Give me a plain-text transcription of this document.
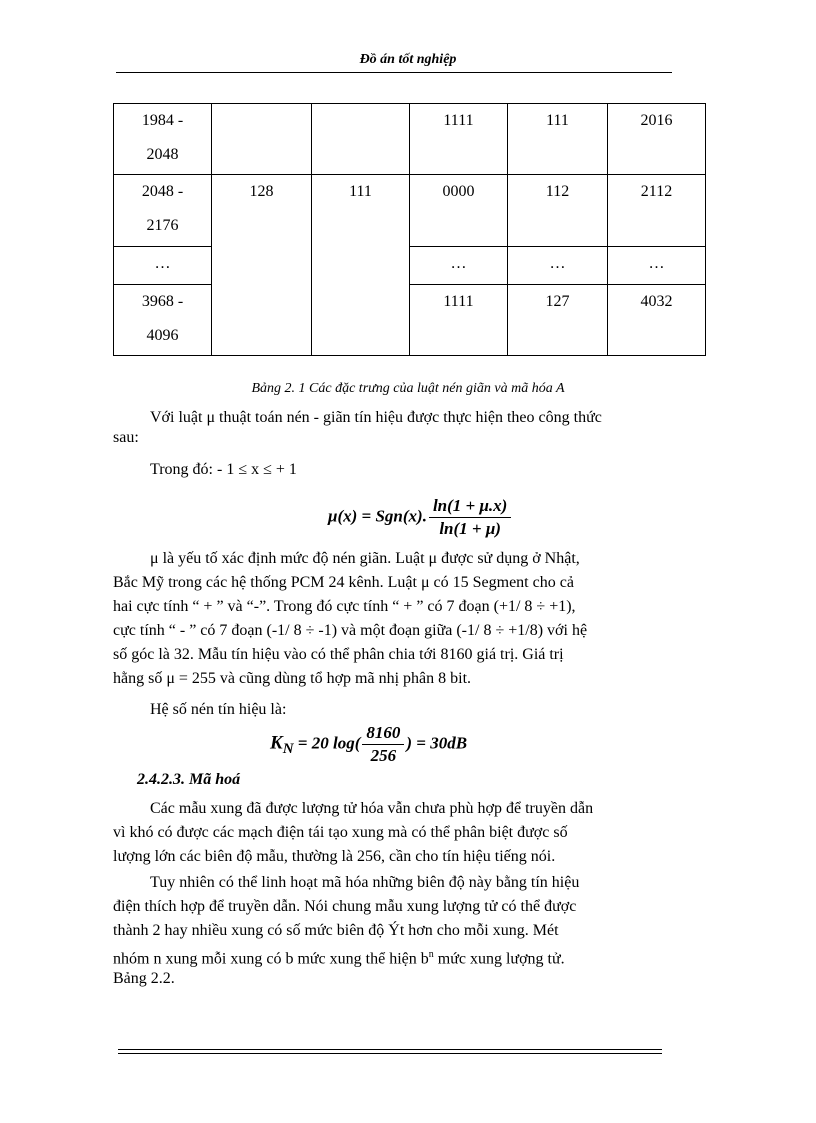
Đồ án tốt nghiệp
1984 -
2048			1111	111	2016

2048 -
2176	128	111	0000	112	2112
…			…	…	…

3968 -
4096			1111	127	4032
Bảng 2. 1 Các đặc trưng của luật nén giãn và mã hóa A
Với luật μ thuật toán nén - giãn tín hiệu được thực hiện theo công thức
sau:
Trong đó: - 1 ≤ x ≤ + 1
μ(x) = Sgn(x). $\frac{\ln(1 + \mu.x)}{\ln(1 + \mu)}$
μ là yếu tố xác định mức độ nén giãn. Luật μ được sử dụng ở Nhật,
Bắc Mỹ trong các hệ thống PCM 24 kênh. Luật μ có 15 Segment cho cả
hai cực tính “ + ” và “-”. Trong đó cực tính “ + ” có 7 đoạn (+1/ 8 ÷ +1),
cực tính “ - ” có 7 đoạn (-1/ 8 ÷ -1) và một đoạn giữa (-1/ 8 ÷ +1/8) với hệ
số góc là 32. Mẫu tín hiệu vào có thể phân chia tới 8160 giá trị. Giá trị
hằng số μ = 255 và cũng dùng tổ hợp mã nhị phân 8 bit.
Hệ số nén tín hiệu là:
$K_N = 20$ $\log( \frac{8160}{256}$ ) = 30dB
2.4.2.3. Mã hoá
Các mẫu xung đã được lượng tử hóa vẫn chưa phù hợp để truyền dẫn
vì khó có được các mạch điện tái tạo xung mà có thể phân biệt được số
lượng lớn các biên độ mẫu, thường là 256, cần cho tín hiệu tiếng nói.
Tuy nhiên có thể linh hoạt mã hóa những biên độ này bằng tín hiệu
điện thích hợp để truyền dẫn. Nói chung mẫu xung lượng tử có thể được
thành 2 hay nhiều xung có số mức biên độ Ýt hơn cho mỗi xung. Mét
nhóm n xung mỗi xung có b mức xung thể hiện $b^n$ mức xung lượng tử.
Bảng 2.2.
